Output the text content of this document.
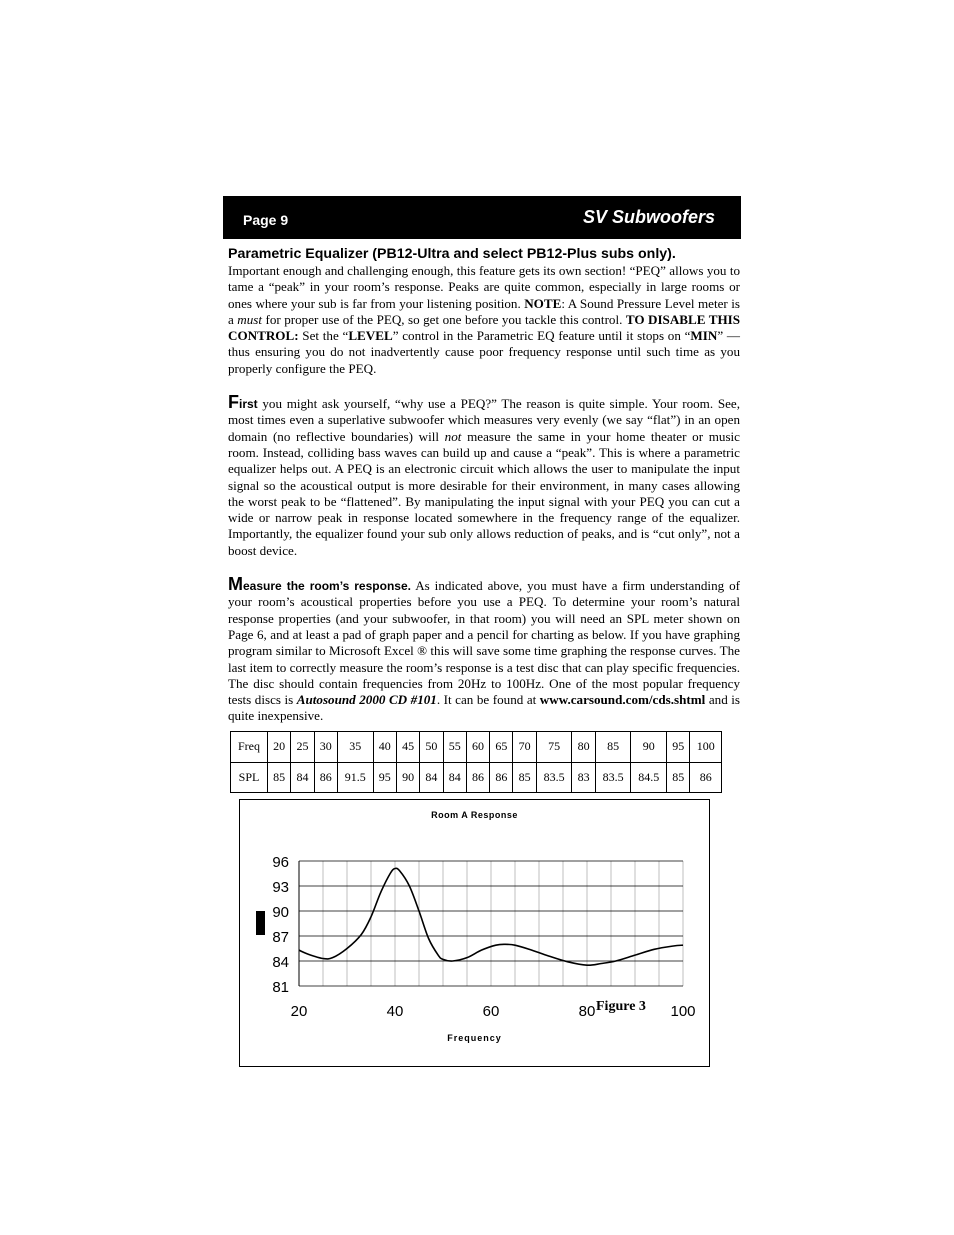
Page 9	SV Subwoofers
Parametric Equalizer (PB12-Ultra and select PB12-Plus subs only).

Important enough and challenging enough, this feature gets its own section! “PEQ” allows you to tame a “peak” in your room’s response. Peaks are quite common, especially in large rooms or ones where your sub is far from your listening position. NOTE: A Sound Pressure Level meter is a must for proper use of the PEQ, so get one before you tackle this control. TO DISABLE THIS CONTROL: Set the “LEVEL” control in the Parametric EQ feature until it stops on “MIN” — thus ensuring you do not inadvertently cause poor frequency response until such time as you properly configure the PEQ.

First you might ask yourself, “why use a PEQ?” The reason is quite simple. Your room. See, most times even a superlative subwoofer which measures very evenly (we say “flat”) in an open domain (no reflective boundaries) will not measure the same in your home theater or music room. Instead, colliding bass waves can build up and cause a “peak”. This is where a parametric equalizer helps out. A PEQ is an electronic circuit which allows the user to manipulate the input signal so the acoustical output is more desirable for their environment, in many cases allowing the worst peak to be “flattened”. By manipulating the input signal with your PEQ you can cut a wide or narrow peak in response located somewhere in the frequency range of the equalizer. Importantly, the equalizer found your sub only allows reduction of peaks, and is “cut only”, not a boost device.

Measure the room’s response. As indicated above, you must have a firm understanding of your room’s acoustical properties before you use a PEQ. To determine your room’s natural response properties (and your subwoofer, in that room) you will need an SPL meter shown on Page 6, and at least a pad of graph paper and a pencil for charting as below. If you have graphing program similar to Microsoft Excel ® this will save some time graphing the response curves. The last item to correctly measure the room’s response is a test disc that can play specific frequencies. The disc should contain frequencies from 20Hz to 100Hz. One of the most popular frequency tests discs is Autosound 2000 CD #101. It can be found at www.carsound.com/cds.shtml and is quite inexpensive.

Freq	20	25	30	35	40	45	50	55	60	65	70	75	80	85	90	95	100
SPL	85	84	86	91.5	95	90	84	84	86	86	85	83.5	83	83.5	84.5	85	86
Room A Response
81
84
87
90
93
96
20	40	60	80	100
Figure 3
Frequency
